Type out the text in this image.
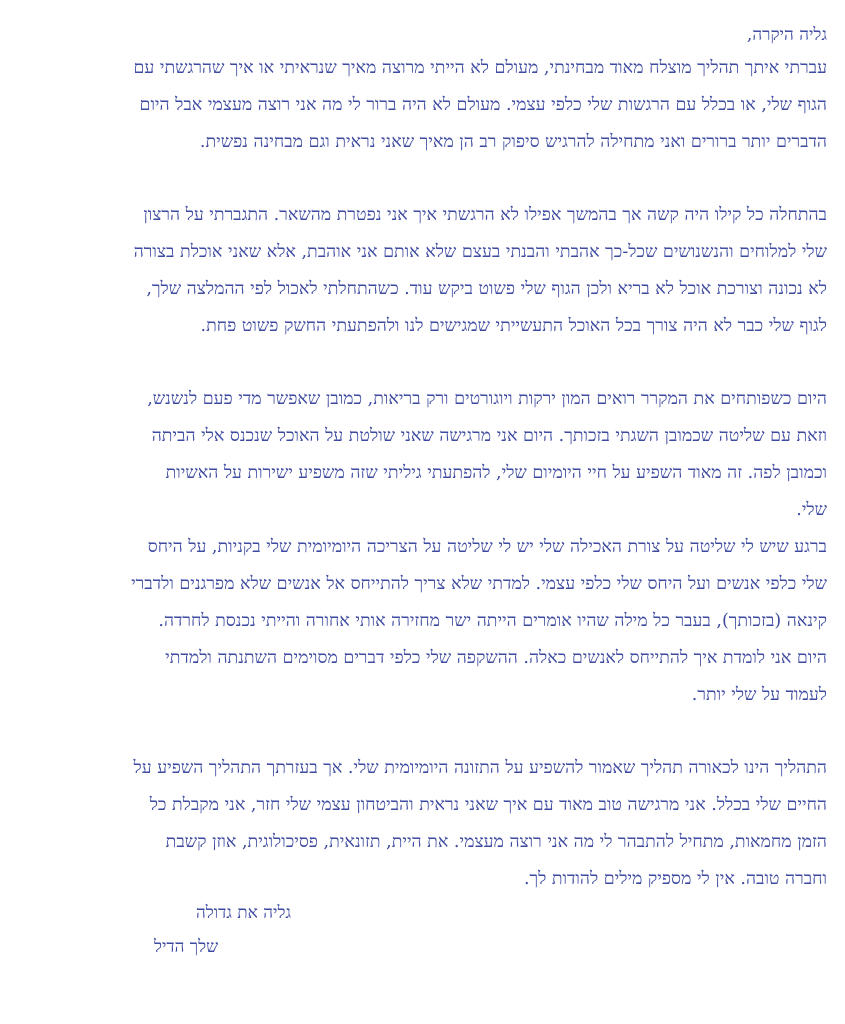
גליה היקרה,
עברתי איתך תהליך מוצלח מאוד מבחינתי, מעולם לא הייתי מרוצה מאיך שנראיתי או איך שהרגשתי עם
הגוף שלי, או בכלל עם הרגשות שלי כלפי עצמי. מעולם לא היה ברור לי מה אני רוצה מעצמי אבל היום
הדברים יותר ברורים ואני מתחילה להרגיש סיפוק רב הן מאיך שאני נראית וגם מבחינה נפשית.
בהתחלה כל קילו היה קשה אך בהמשך אפילו לא הרגשתי איך אני נפטרת מהשאר. התגברתי על הרצון
שלי למלוחים והנשנושים שכל-כך אהבתי והבנתי בעצם שלא אותם אני אוהבת, אלא שאני אוכלת בצורה
לא נכונה וצורכת אוכל לא בריא ולכן הגוף שלי פשוט ביקש עוד. כשהתחלתי לאכול לפי ההמלצה שלך,
לגוף שלי כבר לא היה צורך בכל האוכל התעשייתי שמגישים לנו ולהפתעתי החשק פשוט פחת.
היום כשפותחים את המקרר רואים המון ירקות ויוגורטים ורק בריאות, כמובן שאפשר מדי פעם לנשנש,
וזאת עם שליטה שכמובן השגתי בזכותך. היום אני מרגישה שאני שולטת על האוכל שנכנס אלי הביתה
וכמובן לפה. זה מאוד השפיע על חיי היומיום שלי, להפתעתי גיליתי שזה משפיע ישירות על האשיות
שלי.
ברגע שיש לי שליטה על צורת האכילה שלי יש לי שליטה על הצריכה היומיומית שלי בקניות, על היחס
שלי כלפי אנשים ועל היחס שלי כלפי עצמי. למדתי שלא צריך להתייחס אל אנשים שלא מפרגנים ולדברי
קינאה (בזכותך), בעבר כל מילה שהיו אומרים הייתה ישר מחזירה אותי אחורה והייתי נכנסת לחרדה.
היום אני לומדת איך להתייחס לאנשים כאלה. ההשקפה שלי כלפי דברים מסוימים השתנתה ולמדתי
לעמוד על שלי יותר.
התהליך הינו לכאורה תהליך שאמור להשפיע על התזונה היומיומית שלי. אך בעזרתך התהליך השפיע על
החיים שלי בכלל. אני מרגישה טוב מאוד עם איך שאני נראית והביטחון עצמי שלי חזר, אני מקבלת כל
הזמן מחמאות, מתחיל להתבהר לי מה אני רוצה מעצמי. את היית, תזונאית, פסיכולוגית, אוזן קשבת
וחברה טובה. אין לי מספיק מילים להודות לך.
גליה את גדולה
שלך הדיל
